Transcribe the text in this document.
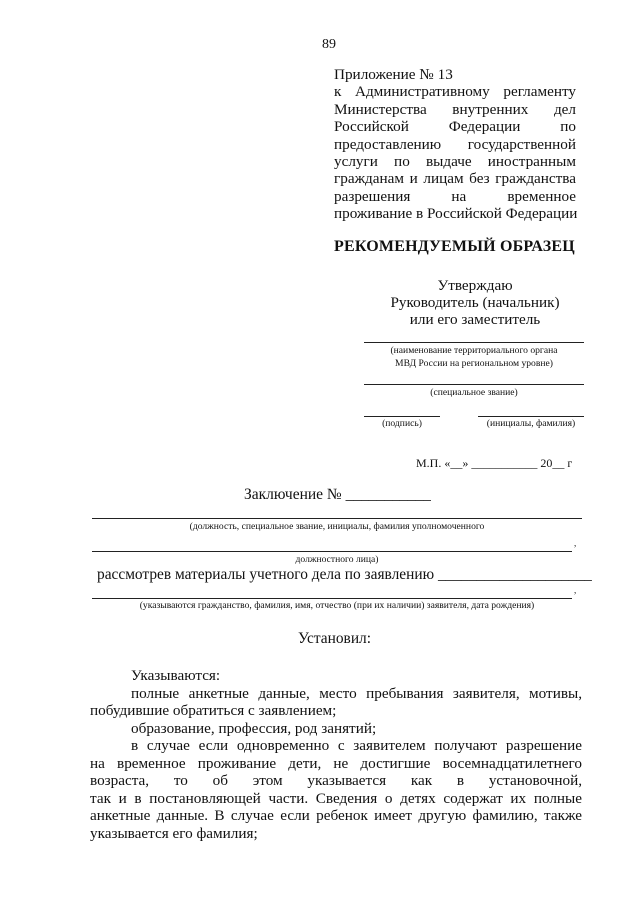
89
Приложение № 13
к Административному регламенту
Министерства внутренних дел
Российской Федерации по
предоставлению государственной
услуги по выдаче иностранным
гражданам и лицам без гражданства
разрешения на временное
проживание в Российской Федерации
РЕКОМЕНДУЕМЫЙ ОБРАЗЕЦ
Утверждаю
Руководитель (начальник)
или его заместитель
(наименование территориального органа
МВД России на региональном уровне)
(специальное звание)
(подпись)	(инициалы, фамилия)
М.П. «__» ___________ 20__ г
Заключение № ___________
(должность, специальное звание, инициалы, фамилия уполномоченного
,
должностного лица)
рассмотрев материалы учетного дела по заявлению ____________________
,
(указываются гражданство, фамилия, имя, отчество (при их наличии) заявителя, дата рождения)
Установил:
Указываются:
полные анкетные данные, место пребывания заявителя, мотивы,
побудившие обратиться с заявлением;
образование, профессия, род занятий;
в случае если одновременно с заявителем получают разрешение
на временное проживание дети, не достигшие восемнадцатилетнего
возраста, то об этом указывается как в установочной,
так и в постановляющей части. Сведения о детях содержат их полные
анкетные данные. В случае если ребенок имеет другую фамилию, также
указывается его фамилия;
